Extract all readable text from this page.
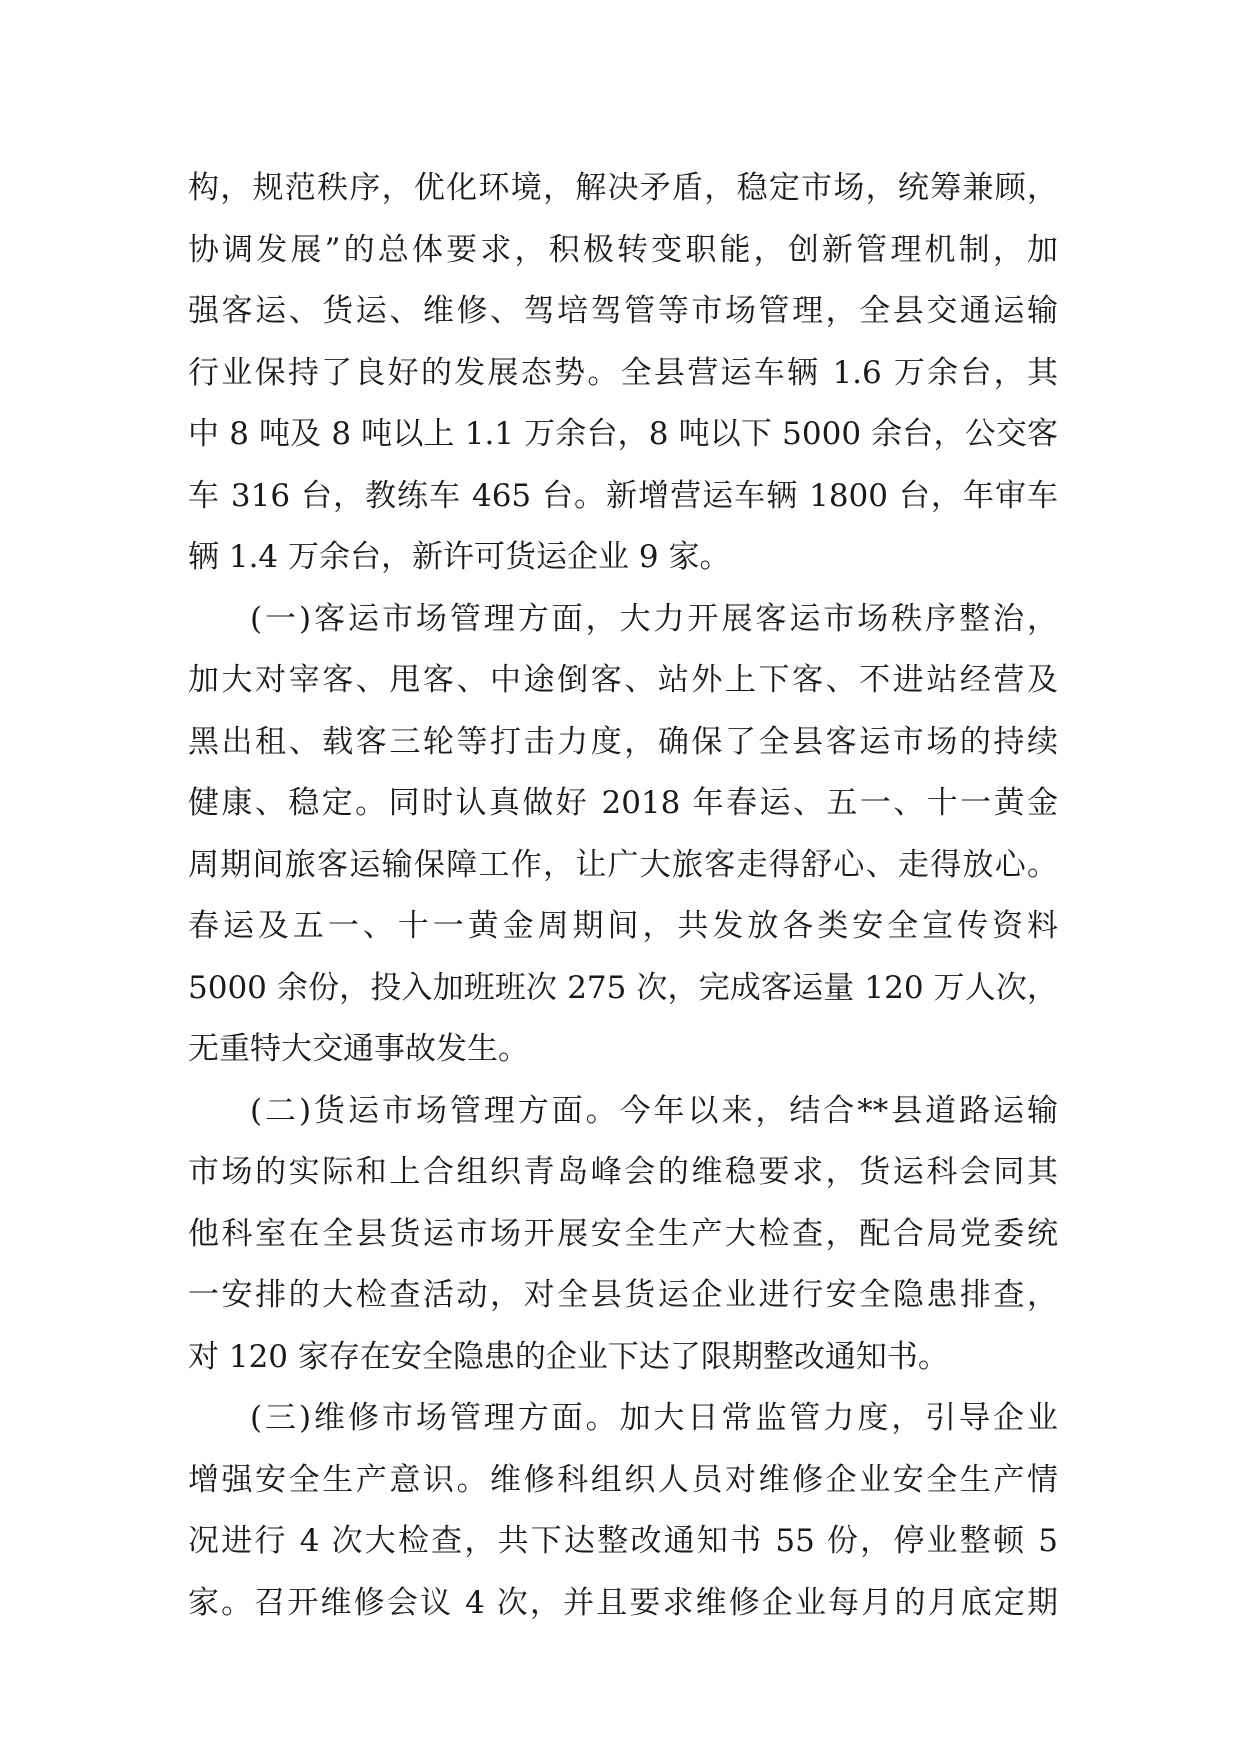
构，规范秩序，优化环境，解决矛盾，稳定市场，统筹兼顾，
协调发展”的总体要求，积极转变职能，创新管理机制，加
强客运、货运、维修、驾培驾管等市场管理，全县交通运输
行业保持了良好的发展态势。全县营运车辆 1.6 万余台，其
中 8 吨及 8 吨以上 1.1 万余台，8 吨以下 5000 余台，公交客
车 316 台，教练车 465 台。新增营运车辆 1800 台，年审车
辆 1.4 万余台，新许可货运企业 9 家。
(一)客运市场管理方面，大力开展客运市场秩序整治，
加大对宰客、甩客、中途倒客、站外上下客、不进站经营及
黑出租、载客三轮等打击力度，确保了全县客运市场的持续
健康、稳定。同时认真做好 2018 年春运、五一、十一黄金
周期间旅客运输保障工作，让广大旅客走得舒心、走得放心。
春运及五一、十一黄金周期间，共发放各类安全宣传资料
5000 余份，投入加班班次 275 次，完成客运量 120 万人次，
无重特大交通事故发生。
(二)货运市场管理方面。今年以来，结合**县道路运输
市场的实际和上合组织青岛峰会的维稳要求，货运科会同其
他科室在全县货运市场开展安全生产大检查，配合局党委统
一安排的大检查活动，对全县货运企业进行安全隐患排查，
对 120 家存在安全隐患的企业下达了限期整改通知书。
(三)维修市场管理方面。加大日常监管力度，引导企业
增强安全生产意识。维修科组织人员对维修企业安全生产情
况进行 4 次大检查，共下达整改通知书 55 份，停业整顿 5
家。召开维修会议 4 次，并且要求维修企业每月的月底定期
